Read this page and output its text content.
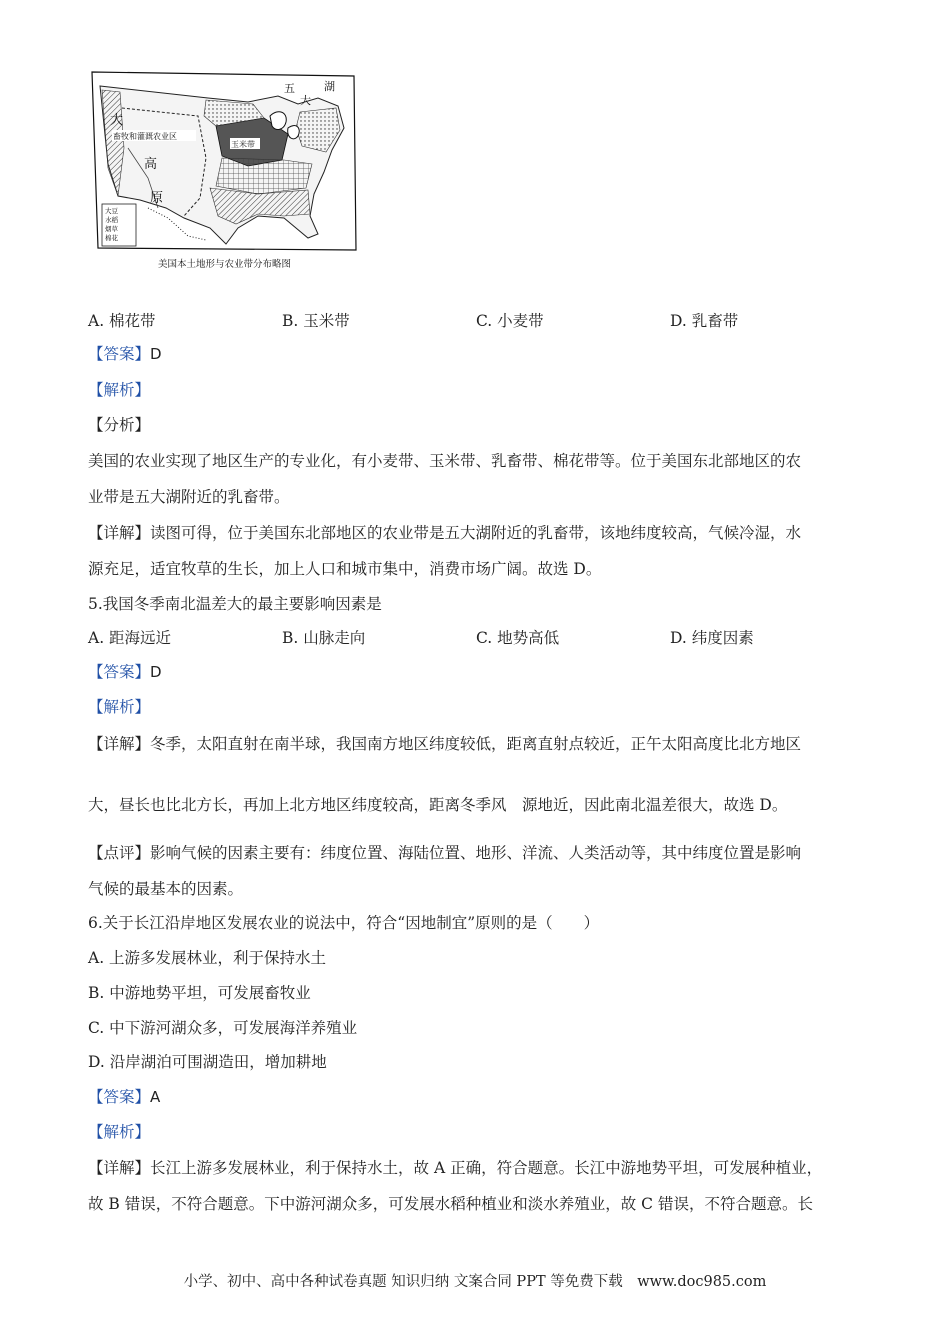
大
高
原
五
大
湖
畜牧和灌溉农业区
玉米带
大豆
水稻
烟草
棉花
美国本土地形与农业带分布略图
A. 棉花带	B. 玉米带	C. 小麦带	D. 乳畜带
【答案】D
【解析】
【分析】
美国的农业实现了地区生产的专业化，有小麦带、玉米带、乳畜带、棉花带等。位于美国东北部地区的农
业带是五大湖附近的乳畜带。
【详解】读图可得，位于美国东北部地区的农业带是五大湖附近的乳畜带，该地纬度较高，气候冷湿，水
源充足，适宜牧草的生长，加上人口和城市集中，消费市场广阔。故选 D。
5.我国冬季南北温差大的最主要影响因素是
A. 距海远近	B. 山脉走向	C. 地势高低	D. 纬度因素
【答案】D
【解析】
【详解】冬季，太阳直射在南半球，我国南方地区纬度较低，距离直射点较近，正午太阳高度比北方地区
大，昼长也比北方长，再加上北方地区纬度较高，距离冬季风　源地近，因此南北温差很大，故选 D。
【点评】影响气候的因素主要有：纬度位置、海陆位置、地形、洋流、人类活动等，其中纬度位置是影响
气候的最基本的因素。
6.关于长江沿岸地区发展农业的说法中，符合“因地制宜”原则的是（　　）
A. 上游多发展林业，利于保持水土
B. 中游地势平坦，可发展畜牧业
C. 中下游河湖众多，可发展海洋养殖业
D. 沿岸湖泊可围湖造田，增加耕地
【答案】A
【解析】
【详解】长江上游多发展林业，利于保持水土，故 A 正确，符合题意。长江中游地势平坦，可发展种植业，
故 B 错误，不符合题意。下中游河湖众多，可发展水稻种植业和淡水养殖业，故 C 错误，不符合题意。长
小学、初中、高中各种试卷真题 知识归纳 文案合同 PPT 等免费下载　www.doc985.com
